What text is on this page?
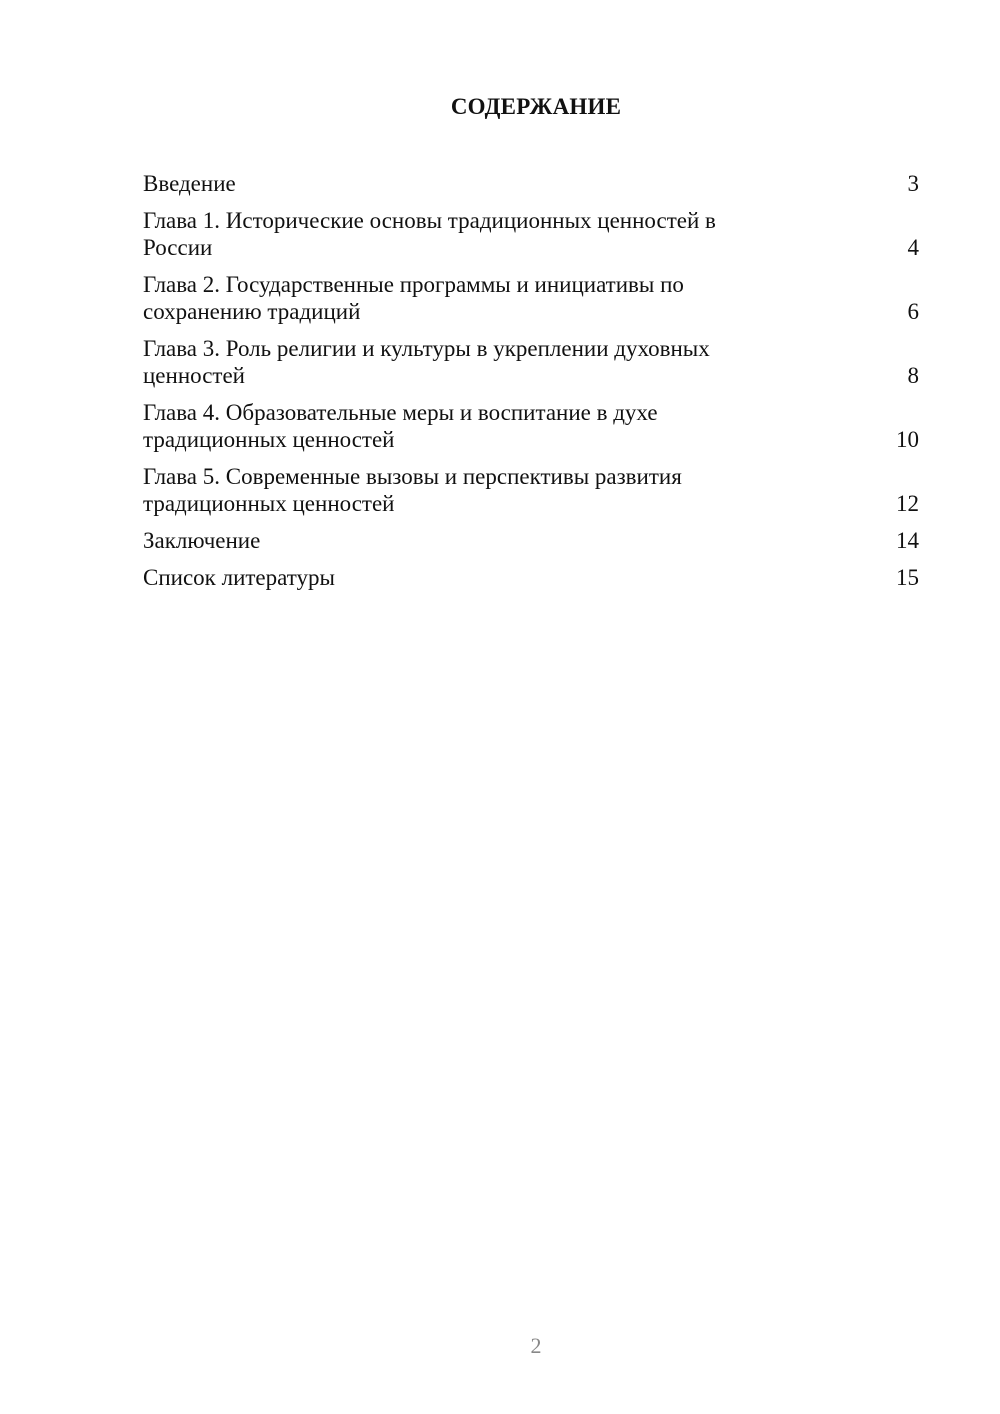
СОДЕРЖАНИЕ
Введение	3
Глава 1. Исторические основы традиционных ценностей в России	4
Глава 2. Государственные программы и инициативы по сохранению традиций	6
Глава 3. Роль религии и культуры в укреплении духовных ценностей	8
Глава 4. Образовательные меры и воспитание в духе традиционных ценностей	10
Глава 5. Современные вызовы и перспективы развития традиционных ценностей	12
Заключение	14
Список литературы	15
2
